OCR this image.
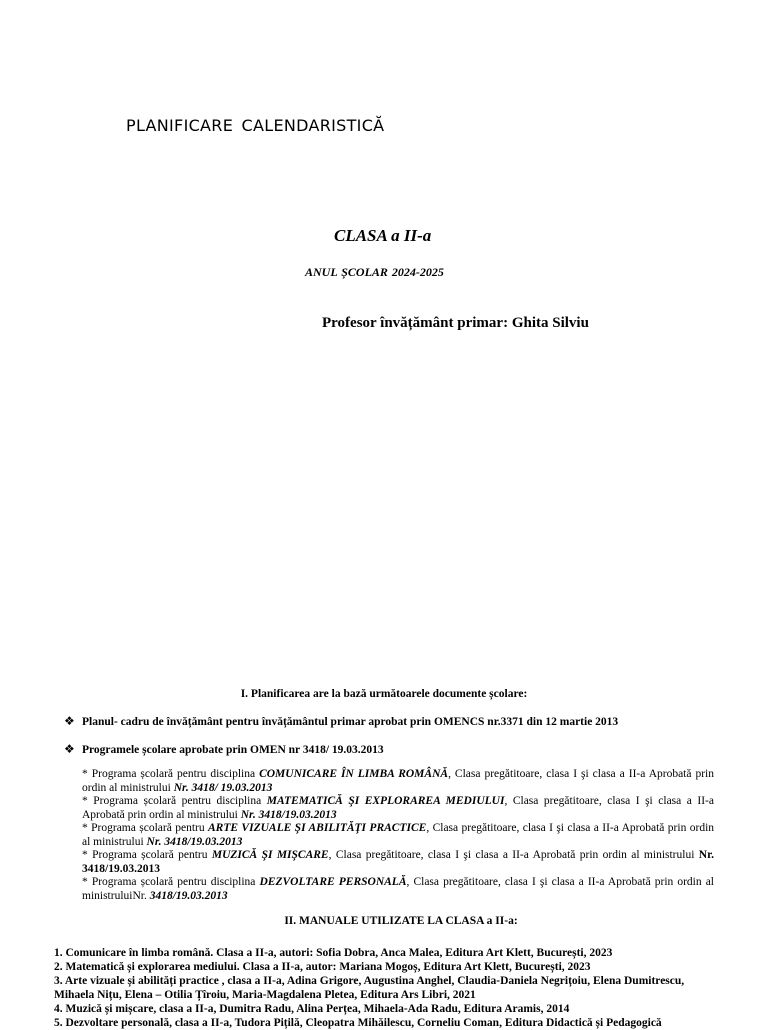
PLANIFICARE CALENDARISTICĂ
CLASA a II-a
ANUL ȘCOLAR 2024-2025
Profesor învățământ primar: Ghita Silviu
I. Planificarea are la bază următoarele documente școlare:
❖ Planul- cadru de învățământ pentru învățământul primar aprobat prin OMENCS nr.3371 din 12 martie 2013
❖ Programele școlare aprobate prin OMEN nr 3418/ 19.03.2013

* Programa școlară pentru disciplina COMUNICARE ÎN LIMBA ROMÂNĂ, Clasa pregătitoare, clasa I şi clasa a II-a Aprobată prin ordin al ministrului Nr. 3418/ 19.03.2013

* Programa școlară pentru disciplina MATEMATICĂ ŞI EXPLORAREA MEDIULUI, Clasa pregătitoare, clasa I şi clasa a II-a Aprobată prin ordin al ministrului Nr. 3418/19.03.2013

* Programa școlară pentru ARTE VIZUALE ŞI ABILITĂŢI PRACTICE, Clasa pregătitoare, clasa I şi clasa a II-a Aprobată prin ordin al ministrului Nr. 3418/19.03.2013

* Programa școlară pentru MUZICĂ ŞI MIŞCARE, Clasa pregătitoare, clasa I şi clasa a II-a Aprobată prin ordin al ministrului Nr. 3418/19.03.2013

* Programa școlară pentru disciplina DEZVOLTARE PERSONALĂ, Clasa pregătitoare, clasa I şi clasa a II-a Aprobată prin ordin al ministruluiNr. 3418/19.03.2013

II. MANUALE UTILIZATE LA CLASA a II-a:

1. Comunicare în limba română. Clasa a II-a, autori: Sofia Dobra, Anca Malea, Editura Art Klett, București, 2023

2. Matematică și explorarea mediului. Clasa a II-a, autor: Mariana Mogoș, Editura Art Klett, București, 2023

3. Arte vizuale și abilități practice , clasa a II-a, Adina Grigore, Augustina Anghel, Claudia-Daniela Negrițoiu, Elena Dumitrescu,

Mihaela Nițu, Elena – Otilia Țîroiu, Maria-Magdalena Pletea, Editura Ars Libri, 2021

4. Muzică și mișcare, clasa a II-a, Dumitra Radu, Alina Perțea, Mihaela-Ada Radu, Editura Aramis, 2014

5. Dezvoltare personală, clasa a II-a, Tudora Pițilă, Cleopatra Mihăilescu, Corneliu Coman, Editura Didactică și Pedagogică
